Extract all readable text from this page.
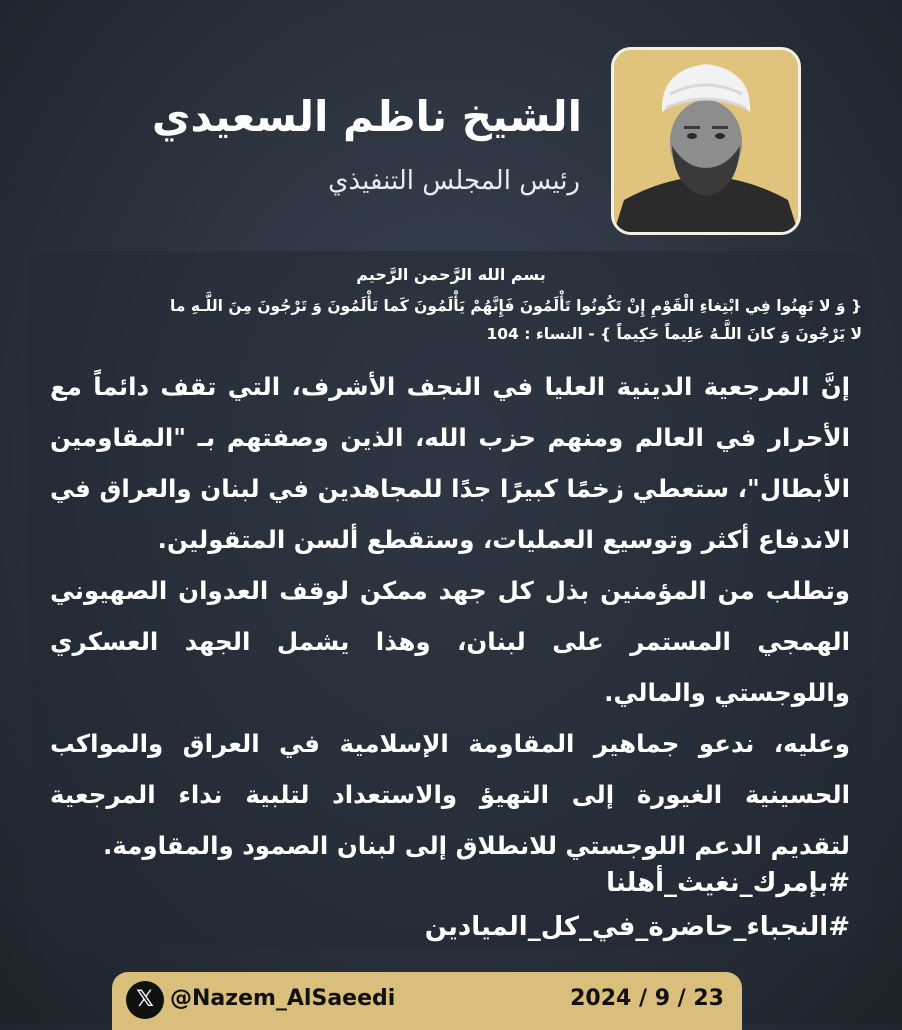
الشيخ ناظم السعيدي
رئيس المجلس التنفيذي
بسم الله الرَّحمن الرَّحيم
{ وَ لا تَهِنُوا فِي ابْتِغاءِ الْقَوْمِ إِنْ تَكُونُوا تَأْلَمُونَ فَإِنَّهُمْ يَأْلَمُونَ كَما تَأْلَمُونَ وَ تَرْجُونَ مِنَ اللَّـهِ ما
لا يَرْجُونَ وَ كانَ اللَّـهُ عَلِيماً حَكِيماً } - النساء : 104
إنَّ المرجعية الدينية العليا في النجف الأشرف، التي تقف دائماً مع
الأحرار في العالم ومنهم حزب الله، الذين وصفتهم بـ "المقاومين
الأبطال"، ستعطي زخمًا كبيرًا جدًا للمجاهدين في لبنان والعراق في
الاندفاع أكثر وتوسيع العمليات، وستقطع ألسن المتقولين.
وتطلب من المؤمنين بذل كل جهد ممكن لوقف العدوان الصهيوني
الهمجي المستمر على لبنان، وهذا يشمل الجهد العسكري
واللوجستي والمالي.
وعليه، ندعو جماهير المقاومة الإسلامية في العراق والمواكب
الحسينية الغيورة إلى التهيؤ والاستعداد لتلبية نداء المرجعية
لتقديم الدعم اللوجستي للانطلاق إلى لبنان الصمود والمقاومة.
#بإمرك_نغيث_أهلنا
#النجباء_حاضرة_في_كل_الميادين
𝕏 @Nazem_AlSaeedi	2024 / 9 / 23
